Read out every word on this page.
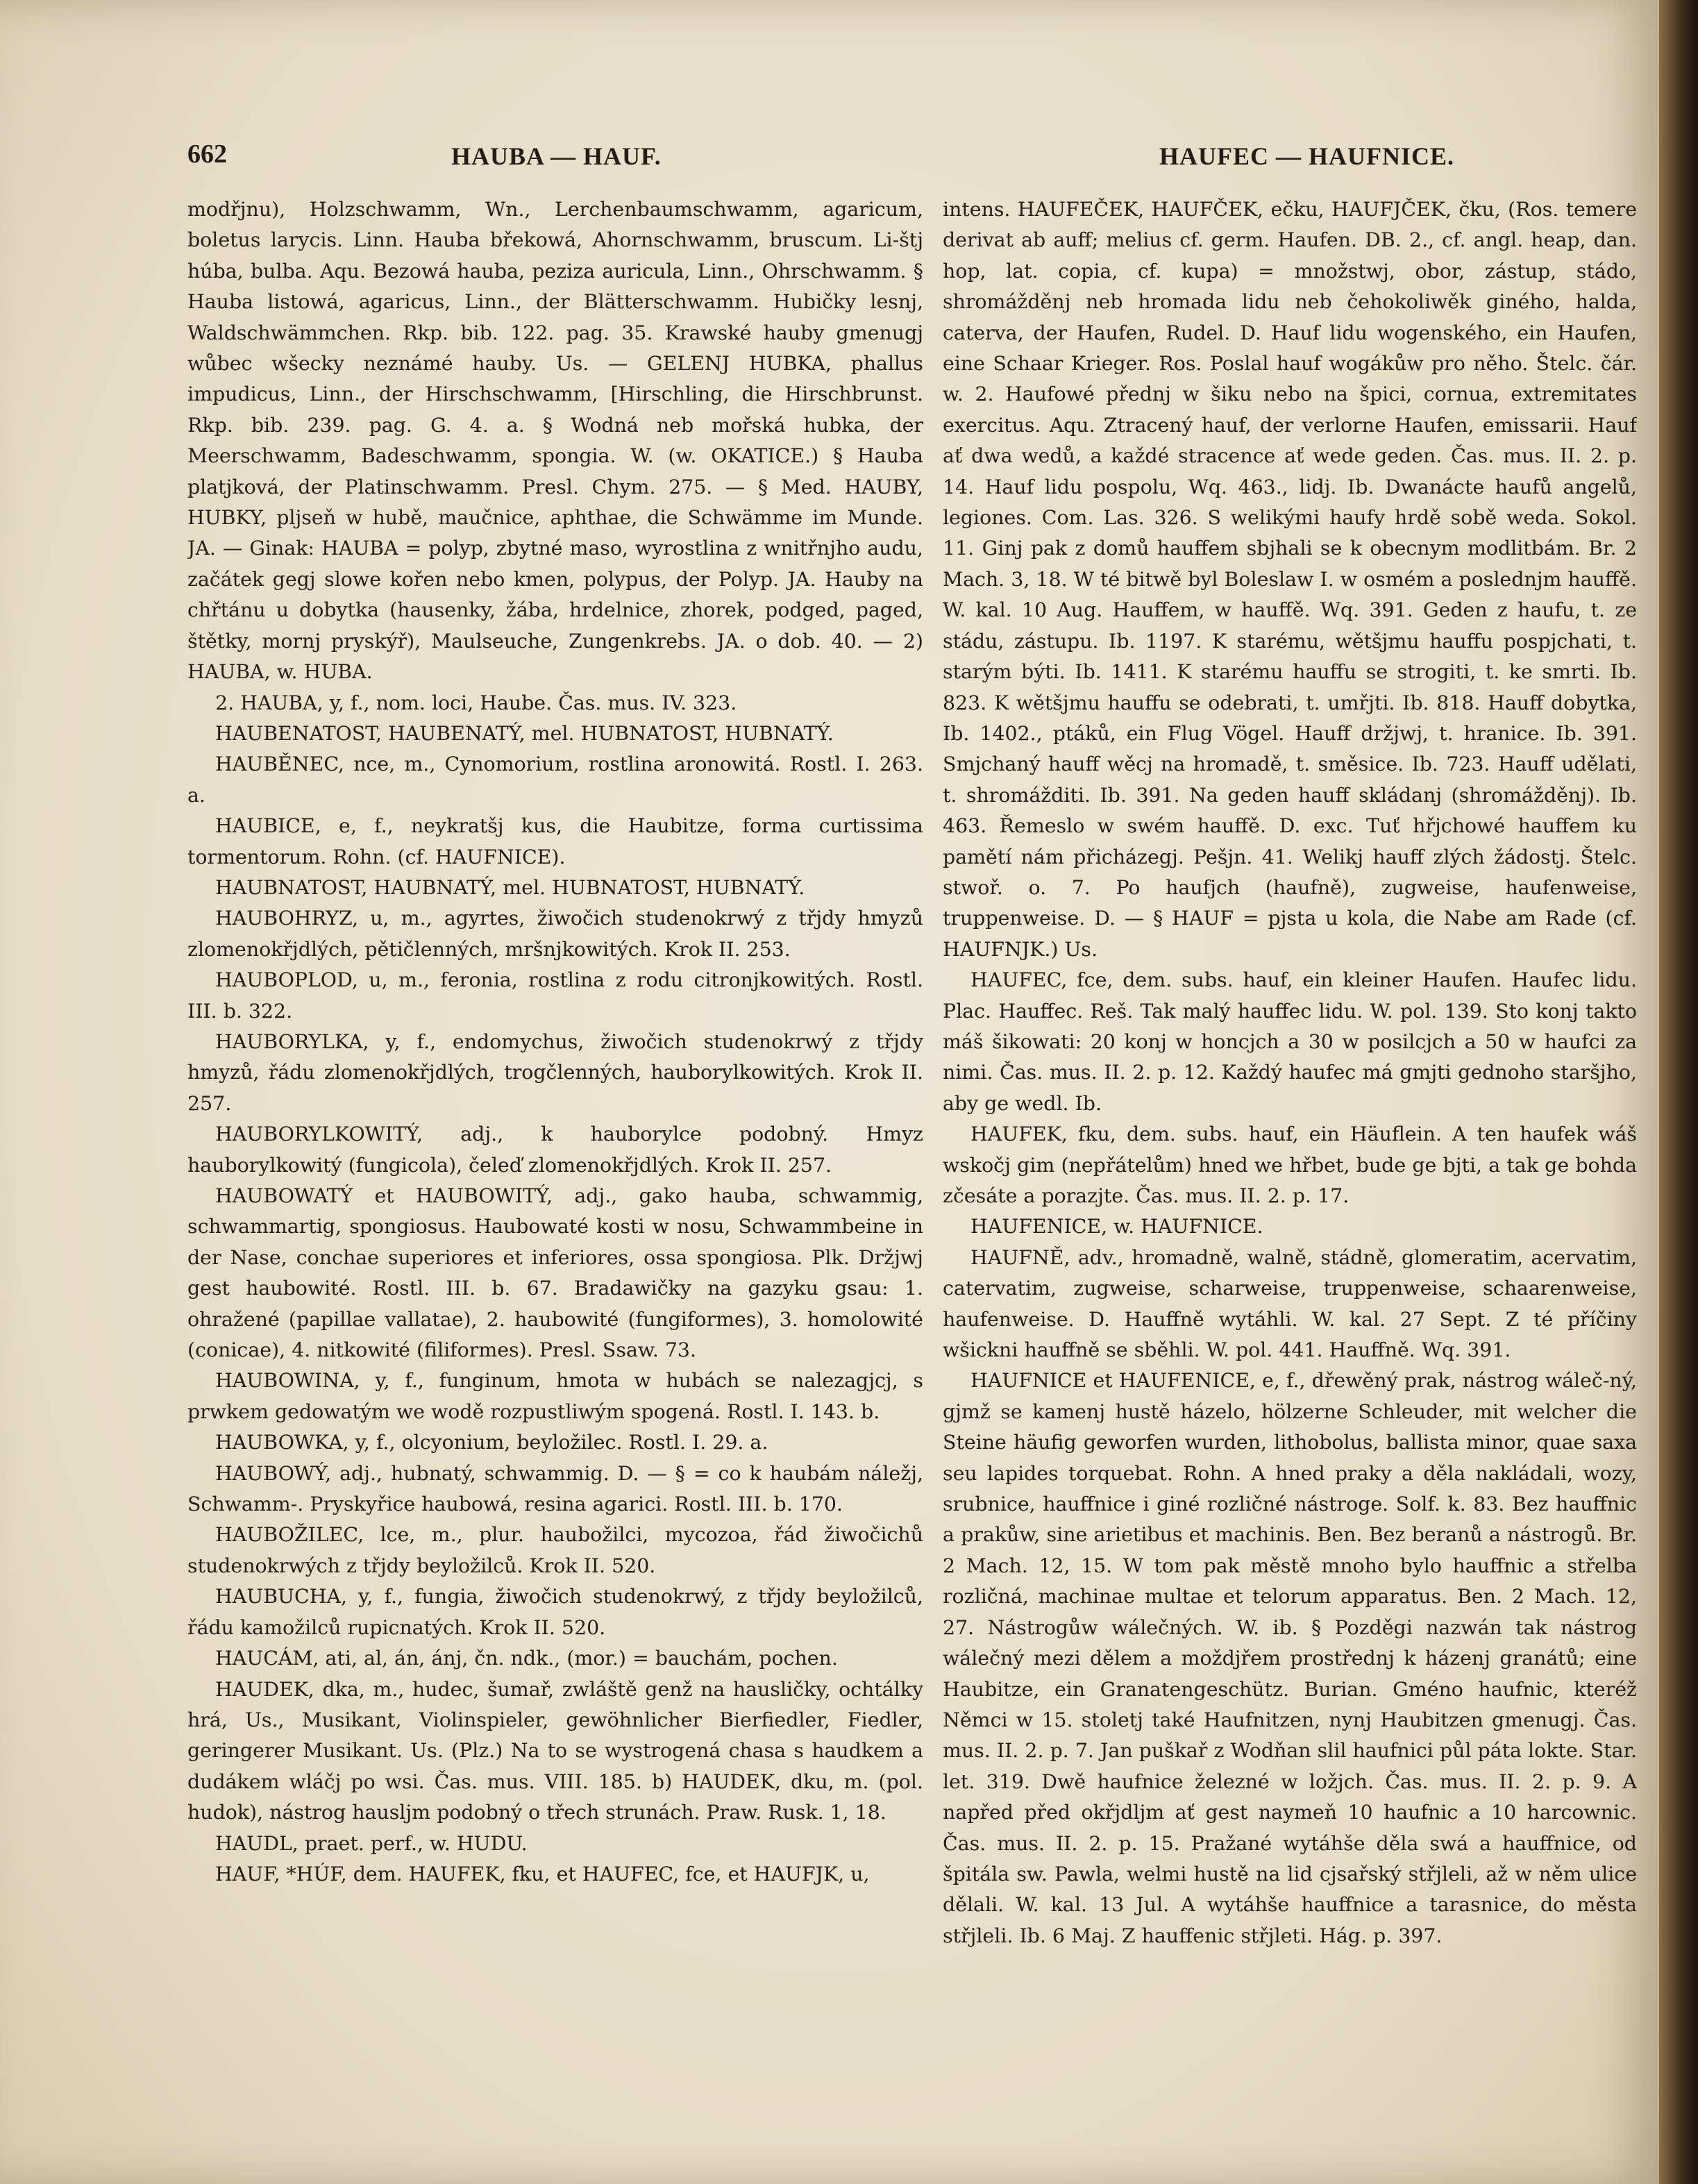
662	HAUBA — HAUF.	HAUFEC — HAUFNICE.

modřjnu), Holzschwamm, Wn., Lerchenbaumschwamm, agaricum, boletus larycis. Linn. Hauba břekowá, Ahornschwamm, bruscum. Li-štj húba, bulba. Aqu. Bezowá hauba, peziza auricula, Linn., Ohrschwamm. § Hauba listowá, agaricus, Linn., der Blätterschwamm. Hubičky lesnj, Waldschwämmchen. Rkp. bib. 122. pag. 35. Krawské hauby gmenugj wůbec wšecky neznámé hauby. Us. — GELENJ HUBKA, phallus impudicus, Linn., der Hirschschwamm, [Hirschling, die Hirschbrunst. Rkp. bib. 239. pag. G. 4. a. § Wodná neb mořská hubka, der Meerschwamm, Badeschwamm, spongia. W. (w. OKATICE.) § Hauba platjková, der Platinschwamm. Presl. Chym. 275. — § Med. HAUBY, HUBKY, pljseň w hubě, maučnice, aphthae, die Schwämme im Munde. JA. — Ginak: HAUBA = polyp, zbytné maso, wyrostlina z wnitřnjho audu, začátek gegj slowe kořen nebo kmen, polypus, der Polyp. JA. Hauby na chřtánu u dobytka (hausenky, žába, hrdelnice, zhorek, podged, paged, štětky, mornj pryskýř), Maulseuche, Zungenkrebs. JA. o dob. 40. — 2) HAUBA, w. HUBA.

2. HAUBA, y, f., nom. loci, Haube. Čas. mus. IV. 323.

HAUBENATOST, HAUBENATÝ, mel. HUBNATOST, HUBNATÝ.

HAUBĚNEC, nce, m., Cynomorium, rostlina aronowitá. Rostl. I. 263. a.

HAUBICE, e, f., neykratšj kus, die Haubitze, forma curtissima tormentorum. Rohn. (cf. HAUFNICE).

HAUBNATOST, HAUBNATÝ, mel. HUBNATOST, HUBNATÝ.

HAUBOHRYZ, u, m., agyrtes, žiwočich studenokrwý z třjdy hmyzů zlomenokřjdlých, pětičlenných, mršnjkowitých. Krok II. 253.

HAUBOPLOD, u, m., feronia, rostlina z rodu citronjkowitých. Rostl. III. b. 322.

HAUBORYLKA, y, f., endomychus, žiwočich studenokrwý z třjdy hmyzů, řádu zlomenokřjdlých, trogčlenných, hauborylkowitých. Krok II. 257.

HAUBORYLKOWITÝ, adj., k hauborylce podobný. Hmyz hauborylkowitý (fungicola), čeleď zlomenokřjdlých. Krok II. 257.

HAUBOWATÝ et HAUBOWITÝ, adj., gako hauba, schwammig, schwammartig, spongiosus. Haubowaté kosti w nosu, Schwammbeine in der Nase, conchae superiores et inferiores, ossa spongiosa. Plk. Držjwj gest haubowité. Rostl. III. b. 67. Bradawičky na gazyku gsau: 1. ohražené (papillae vallatae), 2. haubowité (fungiformes), 3. homolowité (conicae), 4. nitkowité (filiformes). Presl. Ssaw. 73.

HAUBOWINA, y, f., funginum, hmota w hubách se nalezagjcj, s prwkem gedowatým we wodě rozpustliwým spogená. Rostl. I. 143. b.

HAUBOWKA, y, f., olcyonium, beyložilec. Rostl. I. 29. a.

HAUBOWÝ, adj., hubnatý, schwammig. D. — § = co k haubám náležj, Schwamm-. Pryskyřice haubowá, resina agarici. Rostl. III. b. 170.

HAUBOŽILEC, lce, m., plur. haubožilci, mycozoa, řád žiwočichů studenokrwých z třjdy beyložilců. Krok II. 520.

HAUBUCHA, y, f., fungia, žiwočich studenokrwý, z třjdy beyložilců, řádu kamožilců rupicnatých. Krok II. 520.

HAUCÁM, ati, al, án, ánj, čn. ndk., (mor.) = bauchám, pochen.

HAUDEK, dka, m., hudec, šumař, zwláště genž na hausličky, ochtálky hrá, Us., Musikant, Violinspieler, gewöhnlicher Bierfiedler, Fiedler, geringerer Musikant. Us. (Plz.) Na to se wystrogená chasa s haudkem a dudákem wláčj po wsi. Čas. mus. VIII. 185. b) HAUDEK, dku, m. (pol. hudok), nástrog hausljm podobný o třech strunách. Praw. Rusk. 1, 18.

HAUDL, praet. perf., w. HUDU.

HAUF, *HÚF, dem. HAUFEK, fku, et HAUFEC, fce, et HAUFJK, u,

intens. HAUFEČEK, HAUFČEK, ečku, HAUFJČEK, čku, (Ros. temere derivat ab auff; melius cf. germ. Haufen. DB. 2., cf. angl. heap, dan. hop, lat. copia, cf. kupa) = množstwj, obor, zástup, stádo, shromážděnj neb hromada lidu neb čehokoliwěk giného, halda, caterva, der Haufen, Rudel. D. Hauf lidu wogenského, ein Haufen, eine Schaar Krieger. Ros. Poslal hauf wogákůw pro něho. Štelc. čár. w. 2. Haufowé přednj w šiku nebo na špici, cornua, extremitates exercitus. Aqu. Ztracený hauf, der verlorne Haufen, emissarii. Hauf ať dwa wedů, a každé stracence ať wede geden. Čas. mus. II. 2. p. 14. Hauf lidu pospolu, Wq. 463., lidj. Ib. Dwanácte haufů angelů, legiones. Com. Las. 326. S welikými haufy hrdě sobě weda. Sokol. 11. Ginj pak z domů hauffem sbjhali se k obecnym modlitbám. Br. 2 Mach. 3, 18. W té bitwě byl Boleslaw I. w osmém a poslednjm hauffě. W. kal. 10 Aug. Hauffem, w hauffě. Wq. 391. Geden z haufu, t. ze stádu, zástupu. Ib. 1197. K starému, wětšjmu hauffu pospjchati, t. starým býti. Ib. 1411. K starému hauffu se strogiti, t. ke smrti. Ib. 823. K wětšjmu hauffu se odebrati, t. umřjti. Ib. 818. Hauff dobytka, Ib. 1402., ptáků, ein Flug Vögel. Hauff držjwj, t. hranice. Ib. 391. Smjchaný hauff wěcj na hromadě, t. směsice. Ib. 723. Hauff udělati, t. shromážditi. Ib. 391. Na geden hauff skládanj (shromážděnj). Ib. 463. Řemeslo w swém hauffě. D. exc. Tuť hřjchowé hauffem ku pamětí nám přicházegj. Pešjn. 41. Welikj hauff zlých žádostj. Štelc. stwoř. o. 7. Po haufjch (haufně), zugweise, haufenweise, truppenweise. D. — § HAUF = pjsta u kola, die Nabe am Rade (cf. HAUFNJK.) Us.

HAUFEC, fce, dem. subs. hauf, ein kleiner Haufen. Haufec lidu. Plac. Hauffec. Reš. Tak malý hauffec lidu. W. pol. 139. Sto konj takto máš šikowati: 20 konj w honcjch a 30 w posilcjch a 50 w haufci za nimi. Čas. mus. II. 2. p. 12. Každý haufec má gmjti gednoho staršjho, aby ge wedl. Ib.

HAUFEK, fku, dem. subs. hauf, ein Häuflein. A ten haufek wáš wskočj gim (nepřátelům) hned we hřbet, bude ge bjti, a tak ge bohda zčesáte a porazjte. Čas. mus. II. 2. p. 17.

HAUFENICE, w. HAUFNICE.

HAUFNĚ, adv., hromadně, walně, stádně, glomeratim, acervatim, catervatim, zugweise, scharweise, truppenweise, schaarenweise, haufenweise. D. Hauffně wytáhli. W. kal. 27 Sept. Z té příčiny wšickni hauffně se sběhli. W. pol. 441. Hauffně. Wq. 391.

HAUFNICE et HAUFENICE, e, f., dřewěný prak, nástrog wáleč-ný, gjmž se kamenj hustě házelo, hölzerne Schleuder, mit welcher die Steine häufig geworfen wurden, lithobolus, ballista minor, quae saxa seu lapides torquebat. Rohn. A hned praky a děla nakládali, wozy, srubnice, hauffnice i giné rozličné nástroge. Solf. k. 83. Bez hauffnic a prakůw, sine arietibus et machinis. Ben. Bez beranů a nástrogů. Br. 2 Mach. 12, 15. W tom pak městě mnoho bylo hauffnic a střelba rozličná, machinae multae et telorum apparatus. Ben. 2 Mach. 12, 27. Nástrogůw wálečných. W. ib. § Pozděgi nazwán tak nástrog wálečný mezi dělem a moždjřem prostřednj k házenj granátů; eine Haubitze, ein Granatengeschütz. Burian. Gméno haufnic, kteréž Němci w 15. stoletj také Haufnitzen, nynj Haubitzen gmenugj. Čas. mus. II. 2. p. 7. Jan puškař z Wodňan slil haufnici půl páta lokte. Star. let. 319. Dwě haufnice železné w ložjch. Čas. mus. II. 2. p. 9. A napřed před okřjdljm ať gest naymeň 10 haufnic a 10 harcownic. Čas. mus. II. 2. p. 15. Pražané wytáhše děla swá a hauffnice, od špitála sw. Pawla, welmi hustě na lid cjsařský střjleli, až w něm ulice dělali. W. kal. 13 Jul. A wytáhše hauffnice a tarasnice, do města střjleli. Ib. 6 Maj. Z hauffenic střjleti. Hág. p. 397.
